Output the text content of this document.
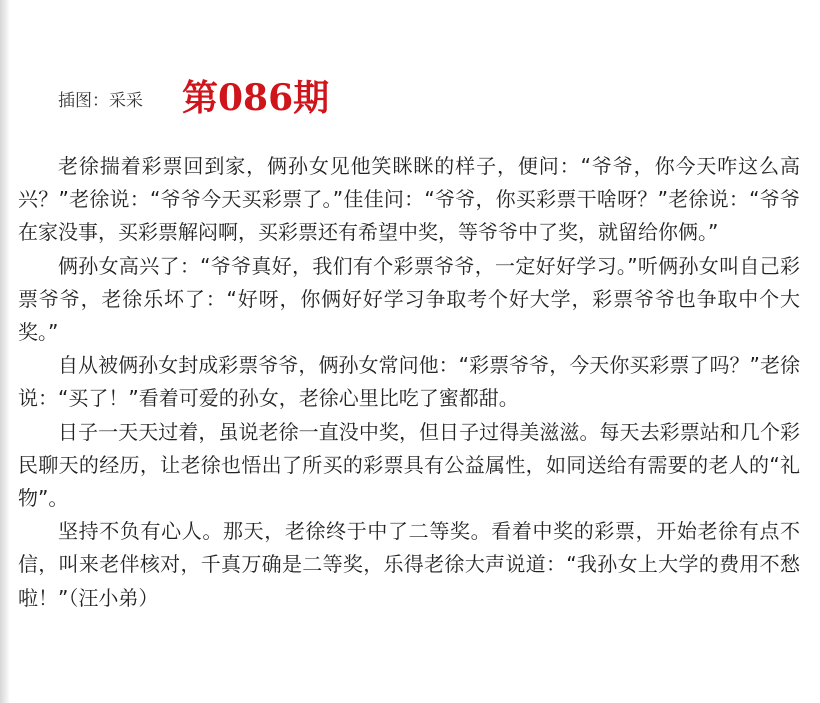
插图：采采 第086期

老徐揣着彩票回到家，俩孙女见他笑眯眯的样子，便问：“爷爷，你今天咋这么高兴？”老徐说：“爷爷今天买彩票了。”佳佳问：“爷爷，你买彩票干啥呀？”老徐说：“爷爷在家没事，买彩票解闷啊，买彩票还有希望中奖，等爷爷中了奖，就留给你俩。”

俩孙女高兴了：“爷爷真好，我们有个彩票爷爷，一定好好学习。”听俩孙女叫自己彩票爷爷，老徐乐坏了：“好呀，你俩好好学习争取考个好大学，彩票爷爷也争取中个大奖。”

自从被俩孙女封成彩票爷爷，俩孙女常问他：“彩票爷爷，今天你买彩票了吗？”老徐说：“买了！”看着可爱的孙女，老徐心里比吃了蜜都甜。

日子一天天过着，虽说老徐一直没中奖，但日子过得美滋滋。每天去彩票站和几个彩民聊天的经历，让老徐也悟出了所买的彩票具有公益属性，如同送给有需要的老人的“礼物”。

坚持不负有心人。那天，老徐终于中了二等奖。看着中奖的彩票，开始老徐有点不信，叫来老伴核对，千真万确是二等奖，乐得老徐大声说道：“我孙女上大学的费用不愁啦！”（汪小弟）
